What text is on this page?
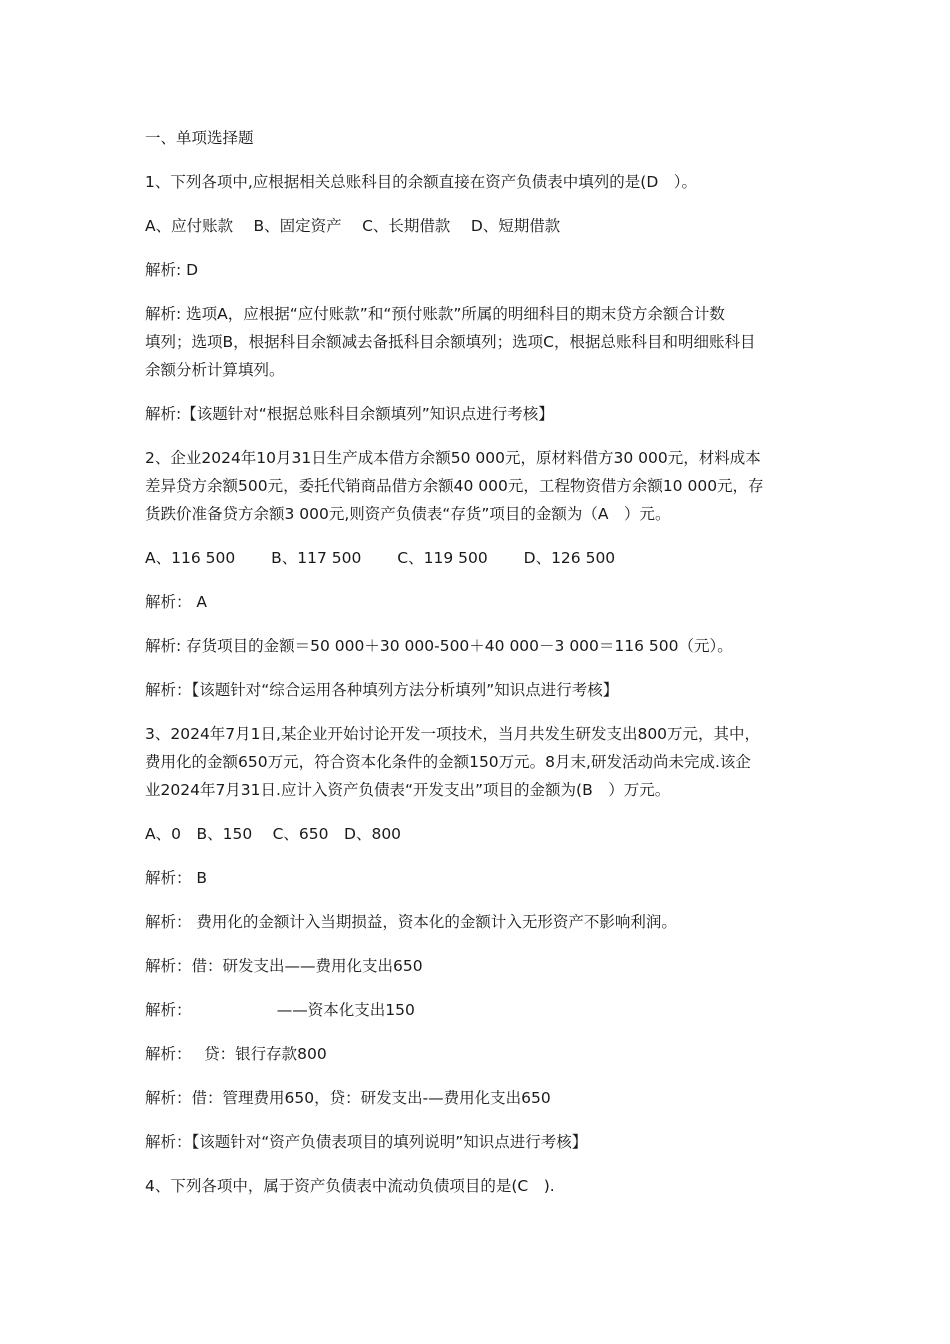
一、单项选择题
1、下列各项中,应根据相关总账科目的余额直接在资产负债表中填列的是(D　）。
A、应付账款　 B、固定资产　 C、长期借款　 D、短期借款
解析: D
解析: 选项A，应根据“应付账款”和“预付账款”所属的明细科目的期末贷方余额合计数
填列；选项B，根据科目余额减去备抵科目余额填列；选项C，根据总账科目和明细账科目
余额分析计算填列。
解析:【该题针对“根据总账科目余额填列”知识点进行考核】
2、企业2024年10月31日生产成本借方余额50 000元，原材料借方30 000元，材料成本
差异贷方余额500元，委托代销商品借方余额40 000元，工程物资借方余额10 000元，存
货跌价准备贷方余额3 000元,则资产负债表“存货”项目的金额为（A　）元。
A、116 500　　 B、117 500　　 C、119 500　　 D、126 500
解析： A
解析: 存货项目的金额＝50 000＋30 000-500＋40 000－3 000＝116 500（元）。
解析：【该题针对“综合运用各种填列方法分析填列”知识点进行考核】
3、2024年7月1日,某企业开始讨论开发一项技术，当月共发生研发支出800万元，其中，
费用化的金额650万元，符合资本化条件的金额150万元。8月末,研发活动尚未完成.该企
业2024年7月31日.应计入资产负债表“开发支出”项目的金额为(B　）万元。
A、0　B、150　 C、650　D、800
解析： B
解析： 费用化的金额计入当期损益，资本化的金额计入无形资产不影响利润。
解析：借：研发支出——费用化支出650
解析：　　　　　　——资本化支出150
解析：　 贷：银行存款800
解析：借：管理费用650，贷：研发支出-—费用化支出650
解析：【该题针对“资产负债表项目的填列说明”知识点进行考核】
4、下列各项中，属于资产负债表中流动负债项目的是(C　).
